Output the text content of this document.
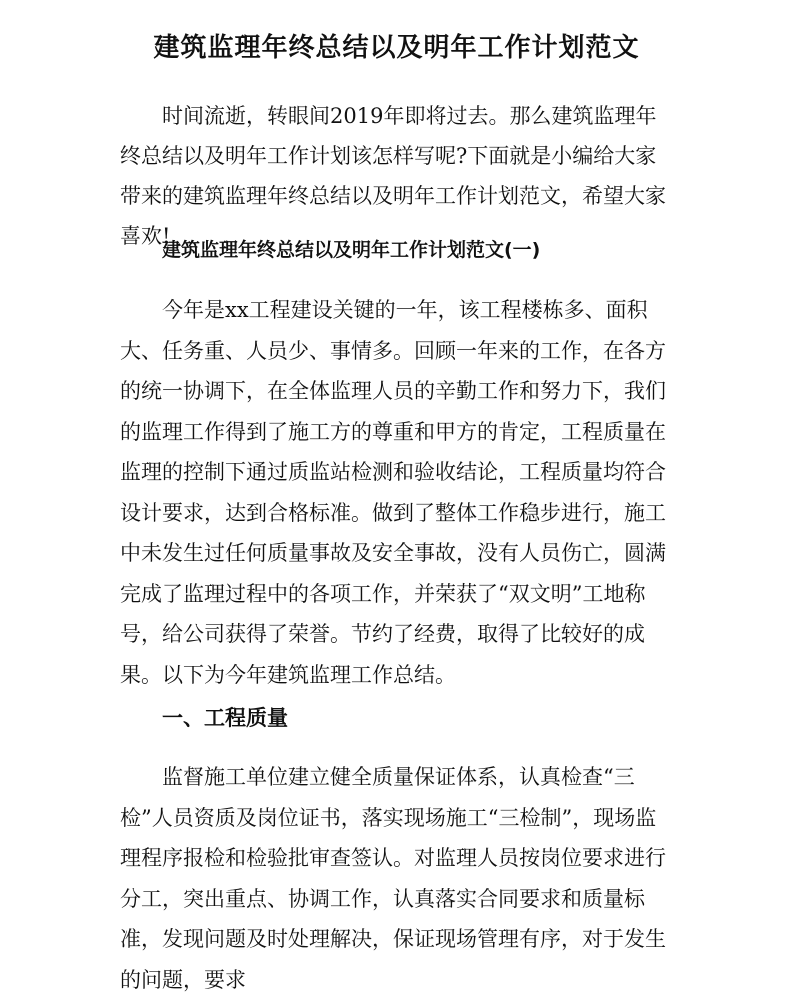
建筑监理年终总结以及明年工作计划范文

时间流逝，转眼间2019年即将过去。那么建筑监理年终总结以及明年工作计划该怎样写呢?下面就是小编给大家带来的建筑监理年终总结以及明年工作计划范文，希望大家喜欢!

建筑监理年终总结以及明年工作计划范文(一)

今年是xx工程建设关键的一年，该工程楼栋多、面积大、任务重、人员少、事情多。回顾一年来的工作，在各方的统一协调下，在全体监理人员的辛勤工作和努力下，我们的监理工作得到了施工方的尊重和甲方的肯定，工程质量在监理的控制下通过质监站检测和验收结论，工程质量均符合设计要求，达到合格标准。做到了整体工作稳步进行，施工中未发生过任何质量事故及安全事故，没有人员伤亡，圆满完成了监理过程中的各项工作，并荣获了“双文明”工地称号，给公司获得了荣誉。节约了经费，取得了比较好的成果。以下为今年建筑监理工作总结。

一、工程质量

监督施工单位建立健全质量保证体系，认真检查“三检”人员资质及岗位证书，落实现场施工“三检制”，现场监理程序报检和检验批审查签认。对监理人员按岗位要求进行分工，突出重点、协调工作，认真落实合同要求和质量标准，发现问题及时处理解决，保证现场管理有序，对于发生的问题，要求
